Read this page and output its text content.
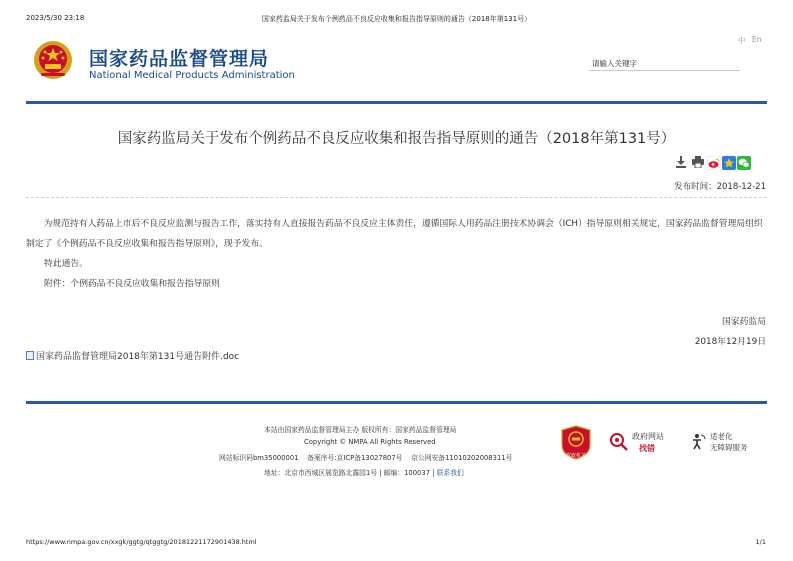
2023/5/30 23:18	国家药监局关于发布个例药品不良反应收集和报告指导原则的通告（2018年第131号）
国家药品监督管理局
National Medical Products Administration
中 En
请输入关键字
国家药监局关于发布个例药品不良反应收集和报告指导原则的通告（2018年第131号）
发布时间：2018-12-21
为规范持有人药品上市后不良反应监测与报告工作，落实持有人直接报告药品不良反应主体责任，遵循国际人用药品注册技术协调会（ICH）指导原则相关规定，国家药品监督管理局组织制定了《个例药品不良反应收集和报告指导原则》，现予发布。
特此通告。
附件：个例药品不良反应收集和报告指导原则
国家药监局
2018年12月19日
国家药品监督管理局2018年第131号通告附件.doc
本站由国家药品监督管理局主办 版权所有：国家药品监督管理局
Copyright © NMPA All Rights Reserved
网站标识码bm35000001    备案序号:京ICP备13027807号    京公网安备11010202008311号
地址：北京市西城区展览路北露园1号 | 邮编：100037 | 联系我们
党政机关
政府网站
找错
适老化
无障碍服务
https://www.nmpa.gov.cn/xxgk/ggtg/qtggtg/20181221172901438.html	1/1
